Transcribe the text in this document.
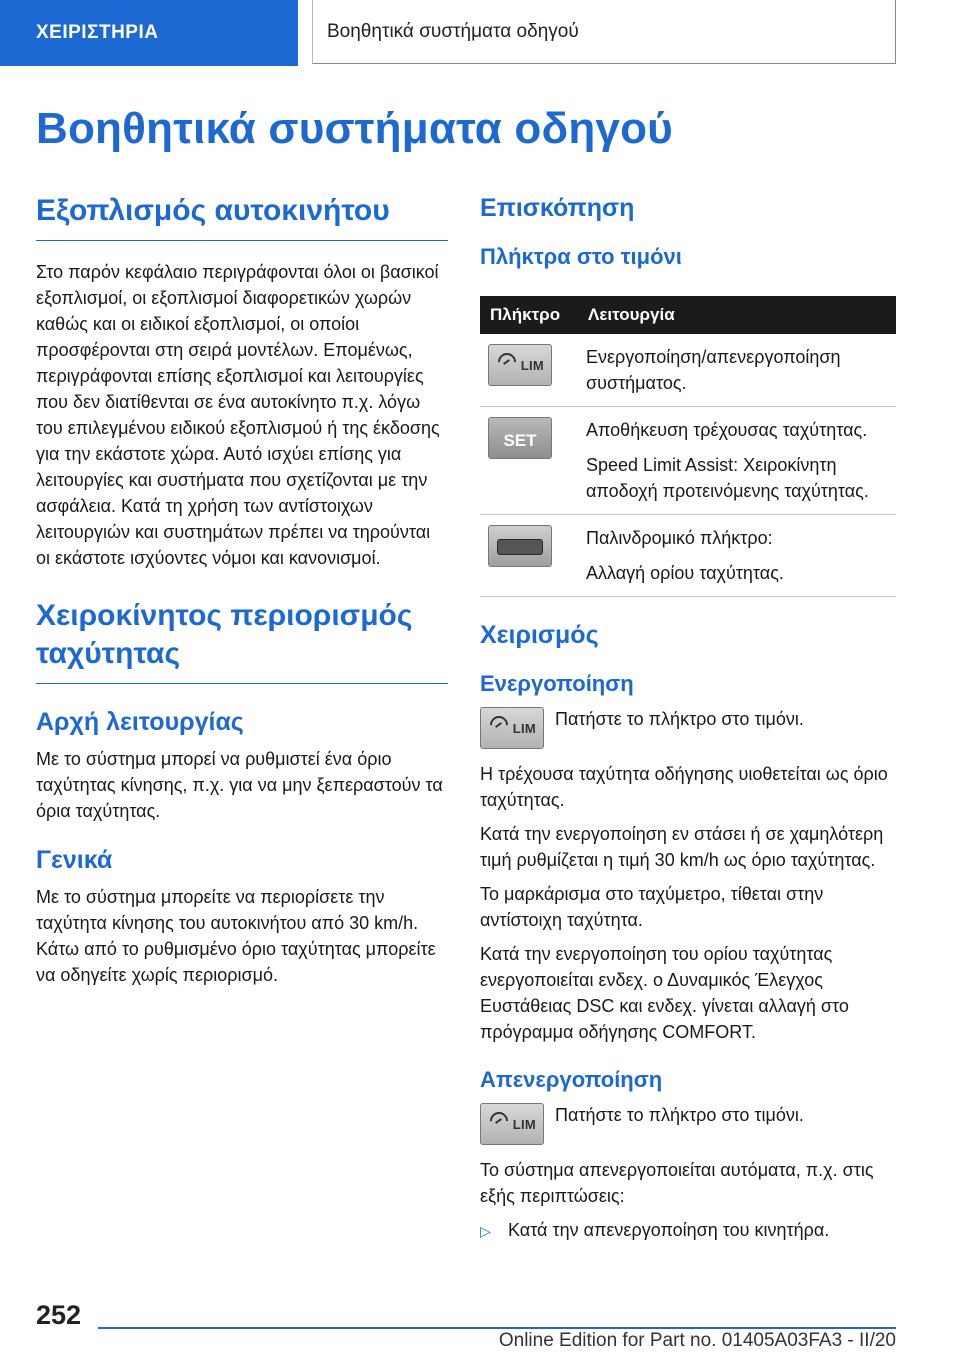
ΧΕΙΡΙΣΤΗΡΙΑ	Βοηθητικά συστήματα οδηγού
Βοηθητικά συστήματα οδηγού
Εξοπλισμός αυτοκινήτου

Στο παρόν κεφάλαιο περιγράφονται όλοι οι βασικοί εξοπλισμοί, οι εξοπλισμοί διαφορετικών χωρών καθώς και οι ειδικοί εξοπλισμοί, οι οποίοι προσφέρονται στη σειρά μοντέλων. Επομένως, περιγράφονται επίσης εξοπλισμοί και λειτουργίες που δεν διατίθενται σε ένα αυτοκίνητο π.χ. λόγω του επιλεγμένου ειδικού εξοπλισμού ή της έκδοσης για την εκάστοτε χώρα. Αυτό ισχύει επίσης για λειτουργίες και συστήματα που σχετίζονται με την ασφάλεια. Κατά τη χρήση των αντίστοιχων λειτουργιών και συστημάτων πρέπει να τηρούνται οι εκάστοτε ισχύοντες νόμοι και κανονισμοί.

Χειροκίνητος περιορισμός ταχύτητας
Αρχή λειτουργίας

Με το σύστημα μπορεί να ρυθμιστεί ένα όριο ταχύτητας κίνησης, π.χ. για να μην ξεπεραστούν τα όρια ταχύτητας.

Γενικά

Με το σύστημα μπορείτε να περιορίσετε την ταχύτητα κίνησης του αυτοκινήτου από 30 km/h. Κάτω από το ρυθμισμένο όριο ταχύτητας μπορείτε να οδηγείτε χωρίς περιορισμό.

Επισκόπηση
Πλήκτρα στο τιμόνι
Πλήκτρο	Λειτουργία

LIM	Ενεργοποίηση/απενεργοποίηση συστήματος.

SET	Αποθήκευση τρέχουσας ταχύτητας.

Speed Limit Assist: Χειροκίνητη αποδοχή προτεινόμενης ταχύτητας.

	Παλινδρομικό πλήκτρο:

Αλλαγή ορίου ταχύτητας.

Χειρισμός
Ενεργοποίηση
LIM Πατήστε το πλήκτρο στο τιμόνι.

Η τρέχουσα ταχύτητα οδήγησης υιοθετείται ως όριο ταχύτητας.

Κατά την ενεργοποίηση εν στάσει ή σε χαμηλότερη τιμή ρυθμίζεται η τιμή 30 km/h ως όριο ταχύτητας.

Το μαρκάρισμα στο ταχύμετρο, τίθεται στην αντίστοιχη ταχύτητα.

Κατά την ενεργοποίηση του ορίου ταχύτητας ενεργοποιείται ενδεχ. ο Δυναμικός Έλεγχος Ευστάθειας DSC και ενδεχ. γίνεται αλλαγή στο πρόγραμμα οδήγησης COMFORT.

Απενεργοποίηση
LIM Πατήστε το πλήκτρο στο τιμόνι.

Το σύστημα απενεργοποιείται αυτόματα, π.χ. στις εξής περιπτώσεις:

▷ Κατά την απενεργοποίηση του κινητήρα.
252
Online Edition for Part no. 01405A03FA3 - II/20
